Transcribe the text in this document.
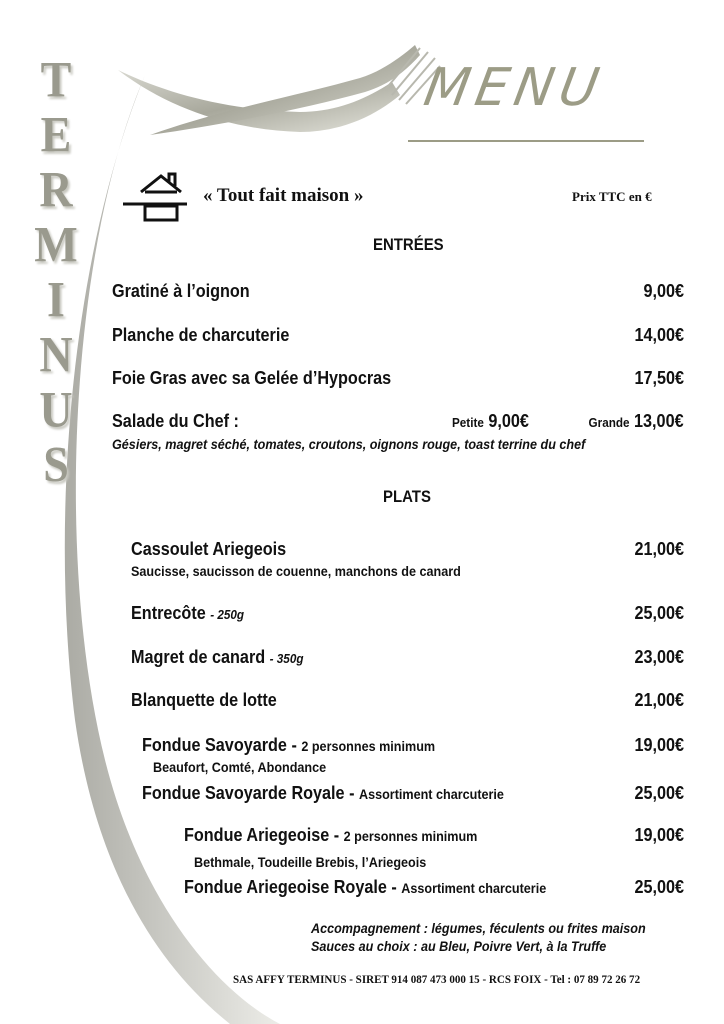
T
E
R
M
I
N
U
S
MENU
« Tout fait maison »	Prix TTC en €
ENTRÉES
Gratiné à l’oignon	9,00€
Planche de charcuterie	14,00€
Foie Gras avec sa Gelée d’Hypocras	17,50€
Salade du Chef :	Petite 9,00€	Grande 13,00€
Gésiers, magret séché, tomates, croutons, oignons rouge, toast terrine du chef
PLATS
Cassoulet Ariegeois	21,00€
Saucisse, saucisson de couenne, manchons de canard
Entrecôte - 250g	25,00€
Magret de canard - 350g	23,00€
Blanquette de lotte	21,00€
Fondue Savoyarde - 2 personnes minimum	19,00€
Beaufort, Comté, Abondance
Fondue Savoyarde Royale - Assortiment charcuterie	25,00€
Fondue Ariegeoise - 2 personnes minimum	19,00€
Bethmale, Toudeille Brebis, l’Ariegeois
Fondue Ariegeoise Royale - Assortiment charcuterie	25,00€
Accompagnement : légumes, féculents ou frites maison
Sauces au choix : au Bleu, Poivre Vert, à la Truffe
SAS AFFY TERMINUS - SIRET 914 087 473 000 15 - RCS FOIX - Tel : 07 89 72 26 72
